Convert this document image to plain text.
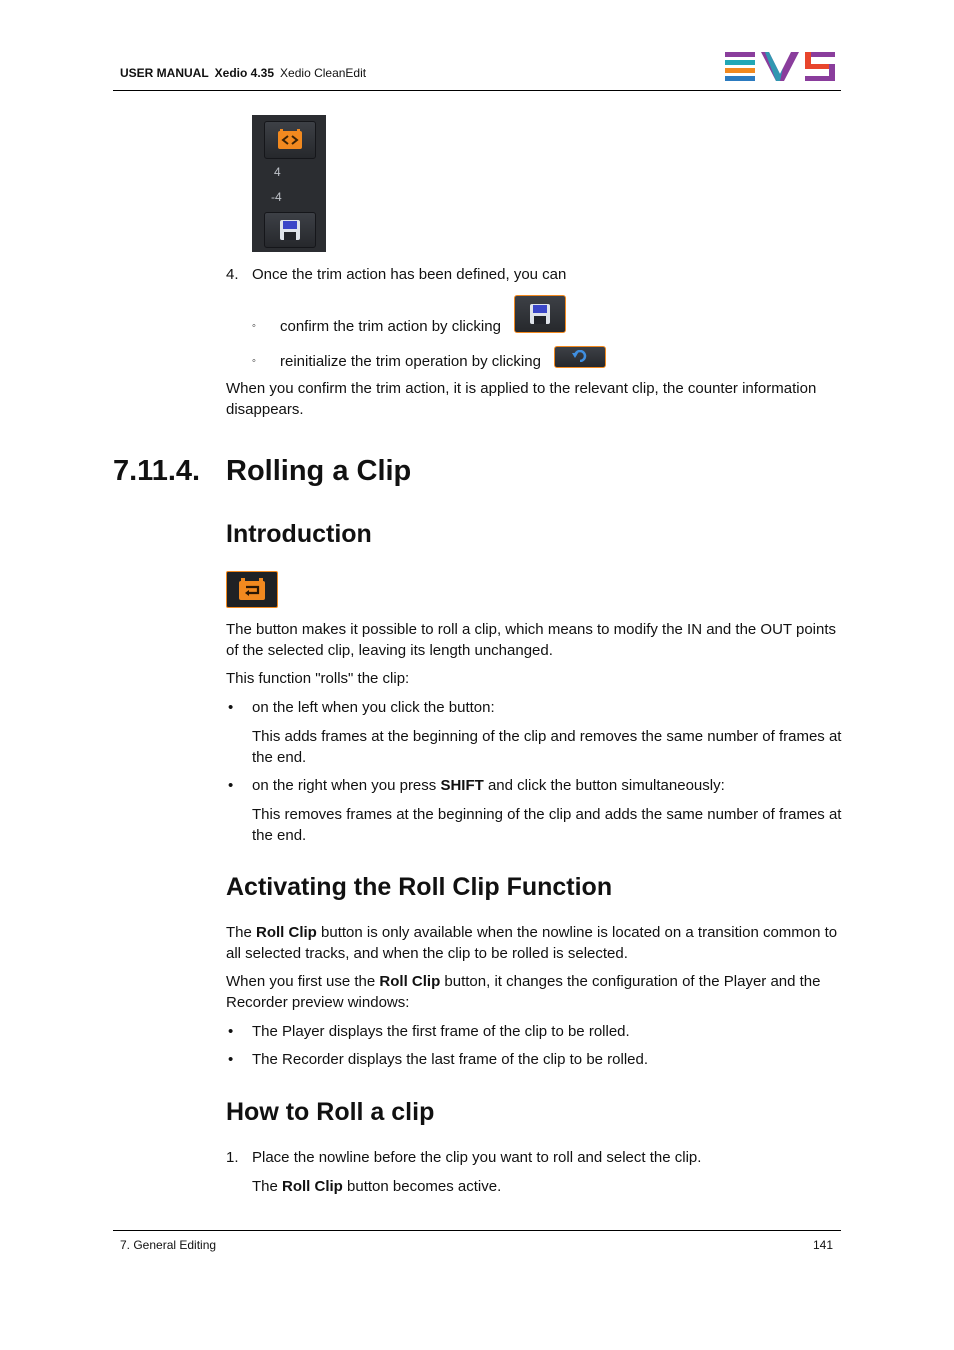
USER MANUAL Xedio 4.35 Xedio CleanEdit
4
-4
4. Once the trim action has been defined, you can
◦ confirm the trim action by clicking
◦ reinitialize the trim operation by clicking
When you confirm the trim action, it is applied to the relevant clip, the counter information disappears.
7.11.4. Rolling a Clip
Introduction
The button makes it possible to roll a clip, which means to modify the IN and the OUT points of the selected clip, leaving its length unchanged.
This function "rolls" the clip:
• on the left when you click the button:
This adds frames at the beginning of the clip and removes the same number of frames at the end.
• on the right when you press SHIFT and click the button simultaneously:
This removes frames at the beginning of the clip and adds the same number of frames at the end.
Activating the Roll Clip Function
The Roll Clip button is only available when the nowline is located on a transition common to all selected tracks, and when the clip to be rolled is selected.
When you first use the Roll Clip button, it changes the configuration of the Player and the Recorder preview windows:
• The Player displays the first frame of the clip to be rolled.
• The Recorder displays the last frame of the clip to be rolled.
How to Roll a clip
1. Place the nowline before the clip you want to roll and select the clip.
The Roll Clip button becomes active.
7. General Editing	141
